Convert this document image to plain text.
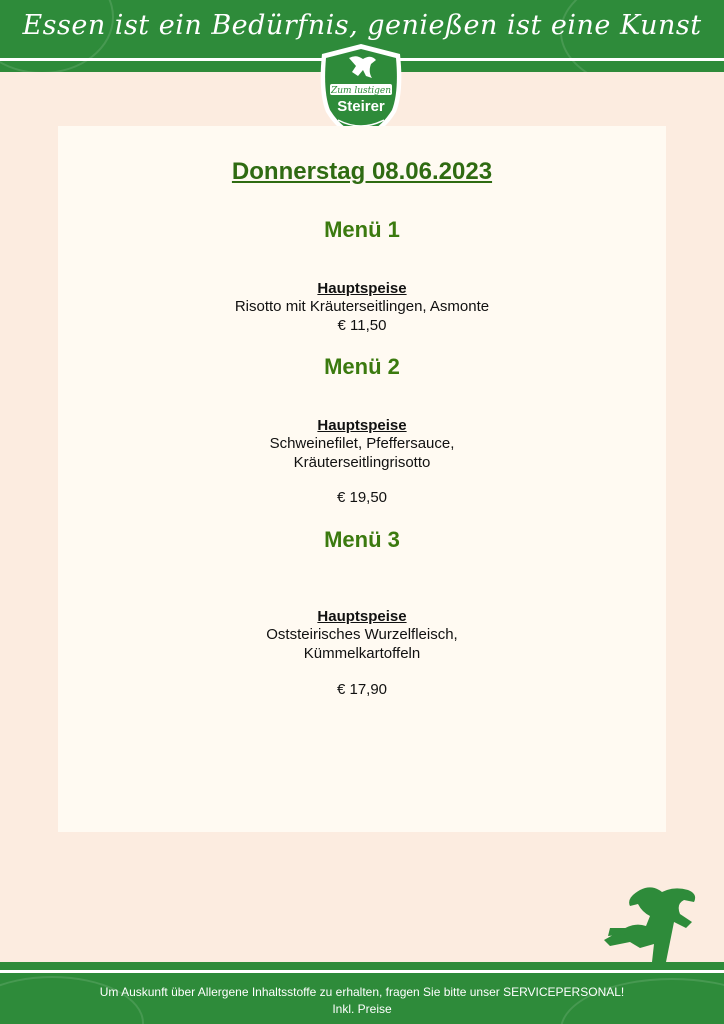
Essen ist ein Bedürfnis, genießen ist eine Kunst
Zum lustigen
Steirer
Donnerstag 08.06.2023
Menü 1
Hauptspeise
Risotto mit Kräuterseitlingen, Asmonte
€ 11,50
Menü 2
Hauptspeise
Schweinefilet, Pfeffersauce,
Kräuterseitlingrisotto
€ 19,50
Menü 3
Hauptspeise
Oststeirisches Wurzelfleisch,
Kümmelkartoffeln
€ 17,90
Um Auskunft über Allergene Inhaltsstoffe zu erhalten, fragen Sie bitte unser SERVICEPERSONAL!
Inkl. Preise
